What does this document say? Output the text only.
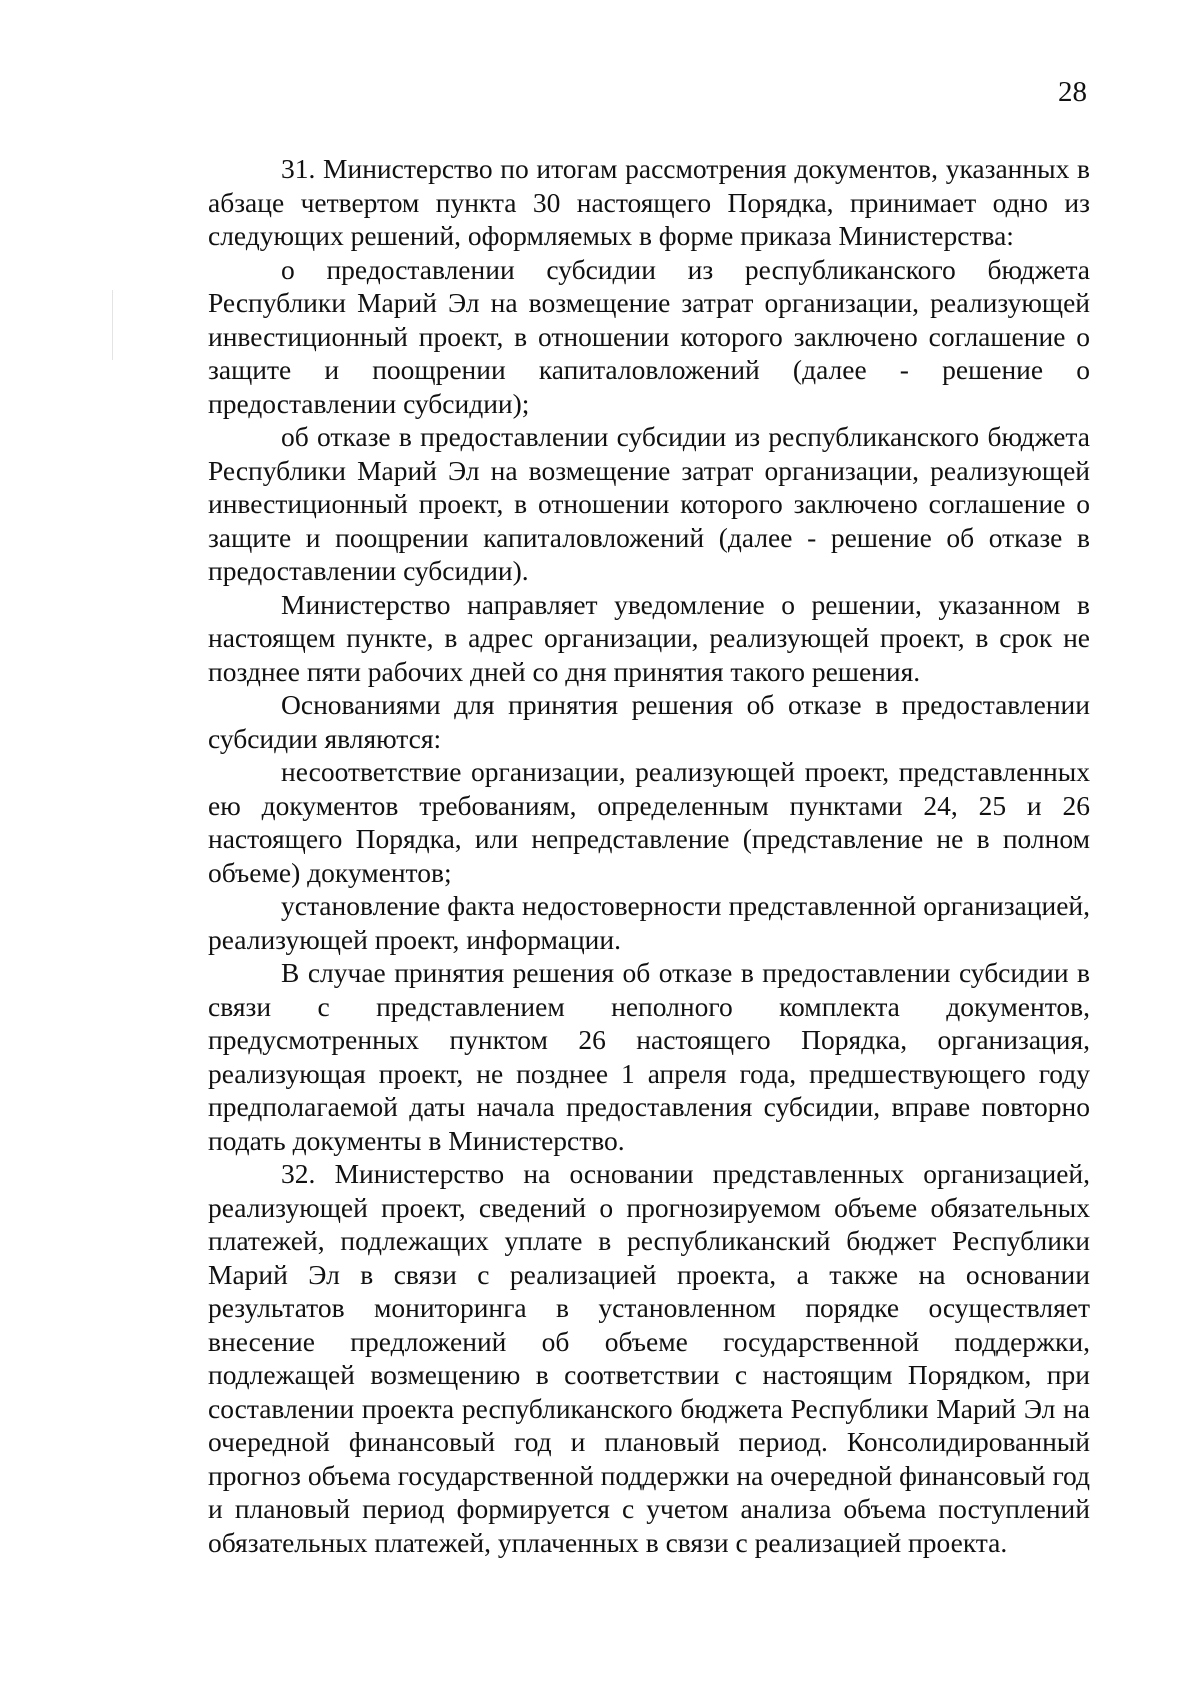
28

31. Министерство по итогам рассмотрения документов, указанных в абзаце четвертом пункта 30 настоящего Порядка, принимает одно из следующих решений, оформляемых в форме приказа Министерства:

о предоставлении субсидии из республиканского бюджета Республики Марий Эл на возмещение затрат организации, реализующей инвестиционный проект, в отношении которого заключено соглашение о защите и поощрении капиталовложений (далее - решение о предоставлении субсидии);

об отказе в предоставлении субсидии из республиканского бюджета Республики Марий Эл на возмещение затрат организации, реализующей инвестиционный проект, в отношении которого заключено соглашение о защите и поощрении капиталовложений (далее - решение об отказе в предоставлении субсидии).

Министерство направляет уведомление о решении, указанном в настоящем пункте, в адрес организации, реализующей проект, в срок не позднее пяти рабочих дней со дня принятия такого решения.

Основаниями для принятия решения об отказе в предоставлении субсидии являются:

несоответствие организации, реализующей проект, представленных ею документов требованиям, определенным пунктами 24, 25 и 26 настоящего Порядка, или непредставление (представление не в полном объеме) документов;

установление факта недостоверности представленной организацией, реализующей проект, информации.

В случае принятия решения об отказе в предоставлении субсидии в связи с представлением неполного комплекта документов, предусмотренных пунктом 26 настоящего Порядка, организация, реализующая проект, не позднее 1 апреля года, предшествующего году предполагаемой даты начала предоставления субсидии, вправе повторно подать документы в Министерство.

32. Министерство на основании представленных организацией, реализующей проект, сведений о прогнозируемом объеме обязательных платежей, подлежащих уплате в республиканский бюджет Республики Марий Эл в связи с реализацией проекта, а также на основании результатов мониторинга в установленном порядке осуществляет внесение предложений об объеме государственной поддержки, подлежащей возмещению в соответствии с настоящим Порядком, при составлении проекта республиканского бюджета Республики Марий Эл на очередной финансовый год и плановый период. Консолидированный прогноз объема государственной поддержки на очередной финансовый год и плановый период формируется с учетом анализа объема поступлений обязательных платежей, уплаченных в связи с реализацией проекта.
